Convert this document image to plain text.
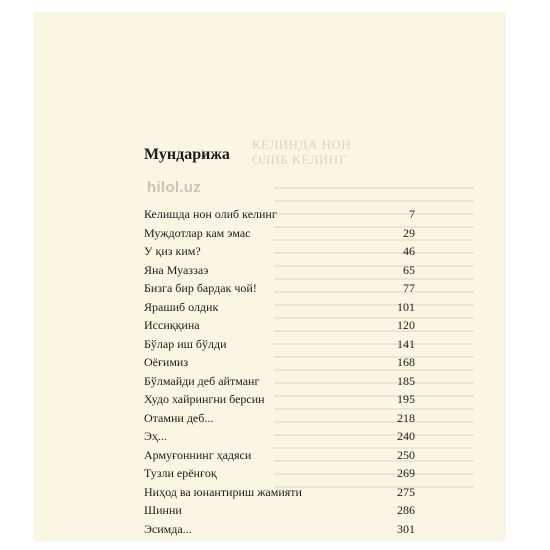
КЕЛИНДА НОН
ОЛИБ КЕЛИНГ
Мундарижа
hilol.uz
Келишда нон олиб келинг	7
Муждотлар кам эмас	29
У қиз ким?	46
Яна Муаззаэ	65
Бизга бир бардак чой!	77
Ярашиб олдик	101
Иссиққина	120
Бўлар иш бўлди	141
Оёғимиз	168
Бўлмайди деб айтманг	185
Худо хайрингни берсин	195
Отамни деб...	218
Эҳ...	240
Армуғоннинг ҳадяси	250
Тузли ерёнғоқ	269
Ниҳод ва юнантириш жамияти	275
Шинни	286
Эсимда...	301
